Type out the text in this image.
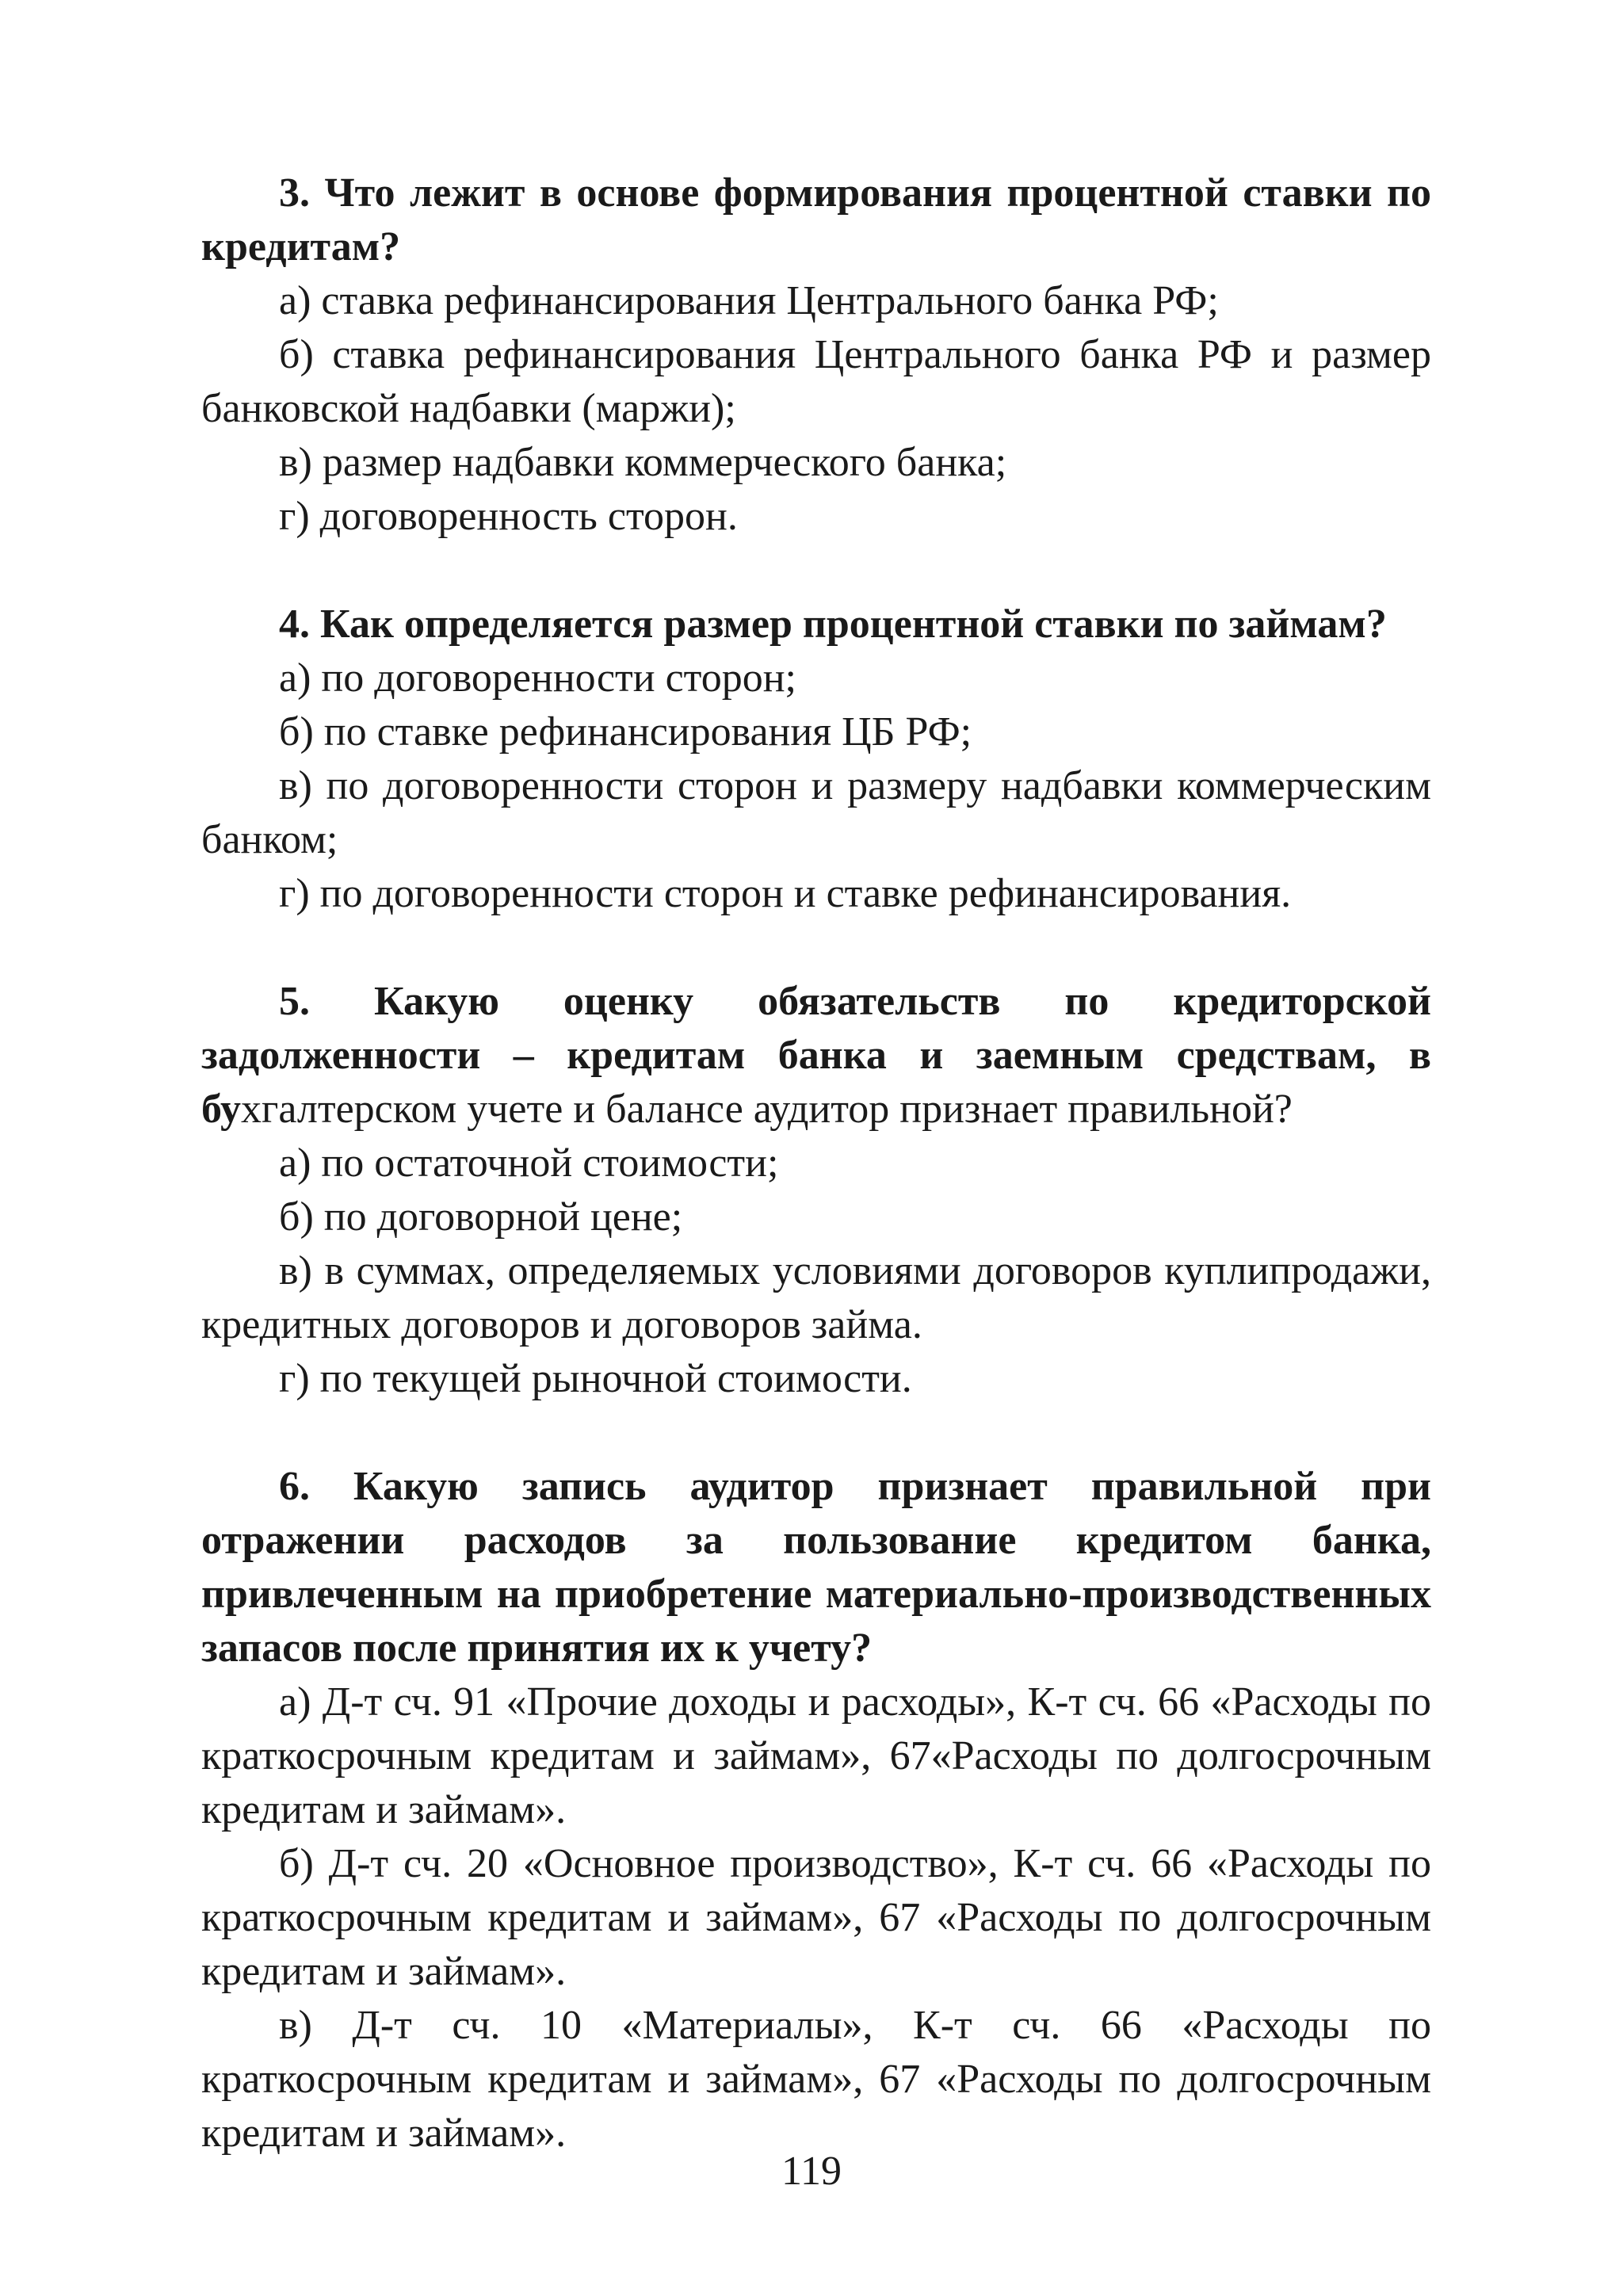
3. Что лежит в основе формирования процентной ставки по кредитам?

а) ставка рефинансирования Центрального банка РФ;

б) ставка рефинансирования Центрального банка РФ и размер банковской надбавки (маржи);

в) размер надбавки коммерческого банка;

г) договоренность сторон.

4. Как определяется размер процентной ставки по займам?

а) по договоренности сторон;

б) по ставке рефинансирования ЦБ РФ;

в) по договоренности сторон и размеру надбавки коммерческим банком;

г) по договоренности сторон и ставке рефинансирования.

5. Какую оценку обязательств по кредиторской задолженности – кредитам банка и заемным средствам, в бухгалтерском учете и балансе аудитор признает правильной?

а) по остаточной стоимости;

б) по договорной цене;

в) в суммах, определяемых условиями договоров куплипродажи, кредитных договоров и договоров займа.

г) по текущей рыночной стоимости.

6. Какую запись аудитор признает правильной при отражении расходов за пользование кредитом банка, привлеченным на приобретение материально-производственных запасов после принятия их к учету?

а) Д-т сч. 91 «Прочие доходы и расходы», К-т сч. 66 «Расходы по краткосрочным кредитам и займам», 67«Расходы по долгосрочным кредитам и займам».

б) Д-т сч. 20 «Основное производство», К-т сч. 66 «Расходы по краткосрочным кредитам и займам», 67 «Расходы по долгосрочным кредитам и займам».

в) Д-т сч. 10 «Материалы», К-т сч. 66 «Расходы по краткосрочным кредитам и займам», 67 «Расходы по долгосрочным кредитам и займам».

119
